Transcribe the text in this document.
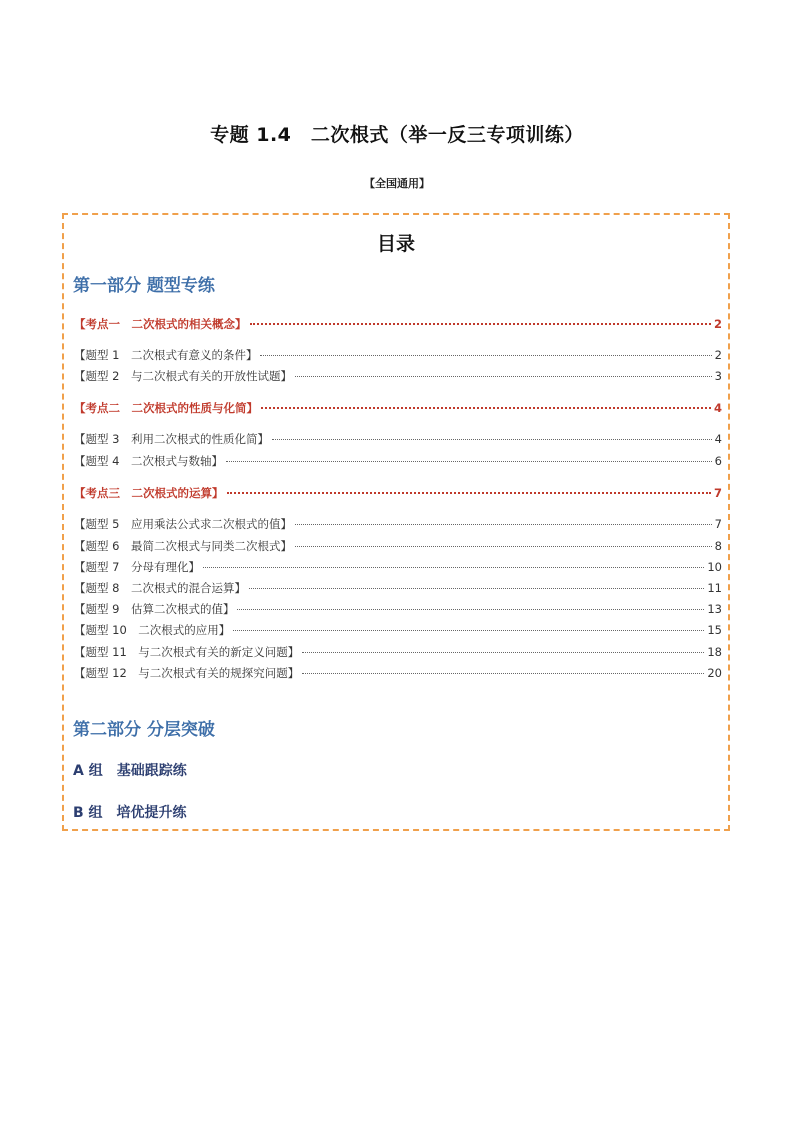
专题 1.4　二次根式（举一反三专项训练）
【全国通用】
目录
第一部分 题型专练
【考点一　二次根式的相关概念】	2
【题型 1　二次根式有意义的条件】	2
【题型 2　与二次根式有关的开放性试题】	3
【考点二　二次根式的性质与化简】	4
【题型 3　利用二次根式的性质化简】	4
【题型 4　二次根式与数轴】	6
【考点三　二次根式的运算】	7
【题型 5　应用乘法公式求二次根式的值】	7
【题型 6　最简二次根式与同类二次根式】	8
【题型 7　分母有理化】	10
【题型 8　二次根式的混合运算】	11
【题型 9　估算二次根式的值】	13
【题型 10　二次根式的应用】	15
【题型 11　与二次根式有关的新定义问题】	18
【题型 12　与二次根式有关的规探究问题】	20
第二部分 分层突破
A 组　基础跟踪练
B 组　培优提升练
